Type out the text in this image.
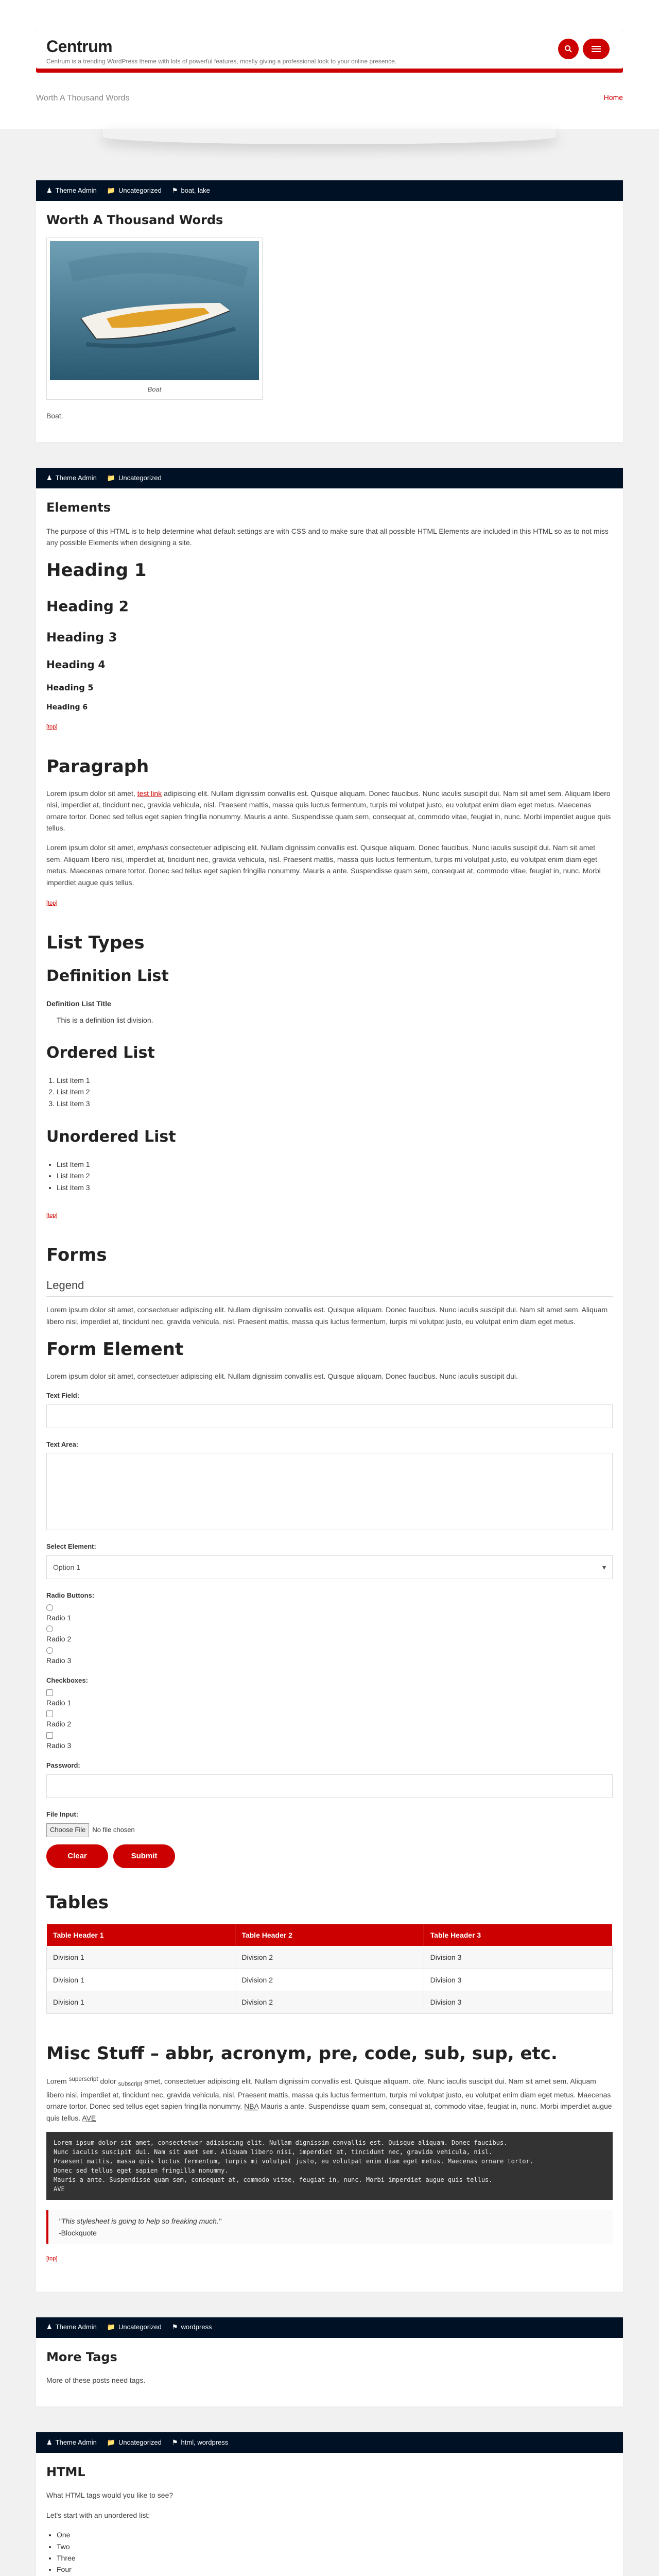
Centrum
Centrum is a trending WordPress theme with lots of powerful features, mostly giving a professional look to your online presence.
Worth A Thousand Words	Home
♟ Theme Admin 📁 Uncategorized ⚑ boat, lake
Worth A Thousand Words
Boat

Boat.

♟ Theme Admin 📁 Uncategorized
Elements

The purpose of this HTML is to help determine what default settings are with CSS and to make sure that all possible HTML Elements are included in this HTML so as to not miss any possible Elements when designing a site.

Heading 1
Heading 2
Heading 3
Heading 4
Heading 5
Heading 6
[top]
Paragraph

Lorem ipsum dolor sit amet, test link adipiscing elit. Nullam dignissim convallis est. Quisque aliquam. Donec faucibus. Nunc iaculis suscipit dui. Nam sit amet sem. Aliquam libero nisi, imperdiet at, tincidunt nec, gravida vehicula, nisl. Praesent mattis, massa quis luctus fermentum, turpis mi volutpat justo, eu volutpat enim diam eget metus. Maecenas ornare tortor. Donec sed tellus eget sapien fringilla nonummy. Mauris a ante. Suspendisse quam sem, consequat at, commodo vitae, feugiat in, nunc. Morbi imperdiet augue quis tellus.

Lorem ipsum dolor sit amet, emphasis consectetuer adipiscing elit. Nullam dignissim convallis est. Quisque aliquam. Donec faucibus. Nunc iaculis suscipit dui. Nam sit amet sem. Aliquam libero nisi, imperdiet at, tincidunt nec, gravida vehicula, nisl. Praesent mattis, massa quis luctus fermentum, turpis mi volutpat justo, eu volutpat enim diam eget metus. Maecenas ornare tortor. Donec sed tellus eget sapien fringilla nonummy. Mauris a ante. Suspendisse quam sem, consequat at, commodo vitae, feugiat in, nunc. Morbi imperdiet augue quis tellus.

[top]
List Types
Definition List
Definition List Title
This is a definition list division.
Ordered List
1. List Item 1
2. List Item 2
3. List Item 3
Unordered List
• List Item 1
• List Item 2
• List Item 3
[top]
Forms
Legend

Lorem ipsum dolor sit amet, consectetuer adipiscing elit. Nullam dignissim convallis est. Quisque aliquam. Donec faucibus. Nunc iaculis suscipit dui. Nam sit amet sem. Aliquam libero nisi, imperdiet at, tincidunt nec, gravida vehicula, nisl. Praesent mattis, massa quis luctus fermentum, turpis mi volutpat justo, eu volutpat enim diam eget metus.

Form Element

Lorem ipsum dolor sit amet, consectetuer adipiscing elit. Nullam dignissim convallis est. Quisque aliquam. Donec faucibus. Nunc iaculis suscipit dui.

Text Field:
Text Area:
Select Element:
Option 1	▾
Radio Buttons:
Radio 1
Radio 2
Radio 3
Checkboxes:
Radio 1
Radio 2
Radio 3
Password:
File Input:
Choose File	No file chosen
Clear	Submit
Tables
Table Header 1	Table Header 2	Table Header 3
Division 1	Division 2	Division 3
Division 1	Division 2	Division 3
Division 1	Division 2	Division 3
Misc Stuff – abbr, acronym, pre, code, sub, sup, etc.

Lorem $^{superscript}$ dolor $_{subscript}$ amet, consectetuer adipiscing elit. Nullam dignissim convallis est. Quisque aliquam. cite. Nunc iaculis suscipit dui. Nam sit amet sem. Aliquam libero nisi, imperdiet at, tincidunt nec, gravida vehicula, nisl. Praesent mattis, massa quis luctus fermentum, turpis mi volutpat justo, eu volutpat enim diam eget metus. Maecenas ornare tortor. Donec sed tellus eget sapien fringilla nonummy. NBA Mauris a ante. Suspendisse quam sem, consequat at, commodo vitae, feugiat in, nunc. Morbi imperdiet augue quis tellus. AVE

Lorem ipsum dolor sit amet, consectetuer adipiscing elit. Nullam dignissim convallis est. Quisque aliquam. Donec faucibus.
Nunc iaculis suscipit dui. Nam sit amet sem. Aliquam libero nisi, imperdiet at, tincidunt nec, gravida vehicula, nisl.
Praesent mattis, massa quis luctus fermentum, turpis mi volutpat justo, eu volutpat enim diam eget metus. Maecenas ornare tortor.
Donec sed tellus eget sapien fringilla nonummy.
Mauris a ante. Suspendisse quam sem, consequat at, commodo vitae, feugiat in, nunc. Morbi imperdiet augue quis tellus.
AVE
"This stylesheet is going to help so freaking much."
-Blockquote
[top]
♟ Theme Admin 📁 Uncategorized ⚑ wordpress
More Tags

More of these posts need tags.

♟ Theme Admin 📁 Uncategorized ⚑ html, wordpress
HTML

What HTML tags would you like to see?

Let's start with an unordered list:

• One
• Two
• Three
• Four
